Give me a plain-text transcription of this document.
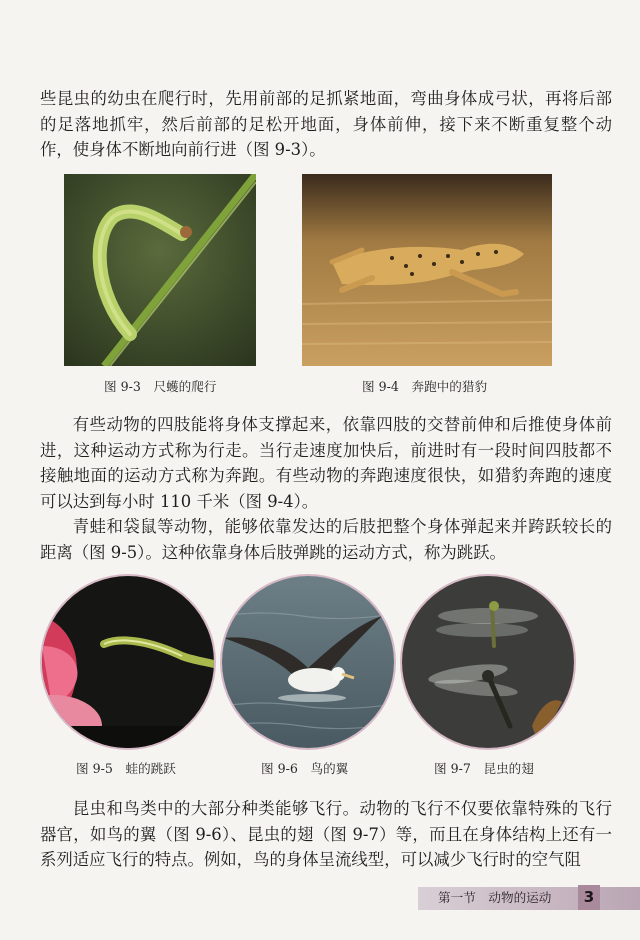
些昆虫的幼虫在爬行时，先用前部的足抓紧地面，弯曲身体成弓状，再将后部的足落地抓牢，然后前部的足松开地面，身体前伸，接下来不断重复整个动作，使身体不断地向前行进（图 9-3）。

图 9-3　尺蠖的爬行	图 9-4　奔跑中的猎豹

有些动物的四肢能将身体支撑起来，依靠四肢的交替前伸和后推使身体前进，这种运动方式称为行走。当行走速度加快后，前进时有一段时间四肢都不接触地面的运动方式称为奔跑。有些动物的奔跑速度很快，如猎豹奔跑的速度可以达到每小时 110 千米（图 9-4）。

青蛙和袋鼠等动物，能够依靠发达的后肢把整个身体弹起来并跨跃较长的距离（图 9-5）。这种依靠身体后肢弹跳的运动方式，称为跳跃。

图 9-5　蛙的跳跃	图 9-6　鸟的翼	图 9-7　昆虫的翅

昆虫和鸟类中的大部分种类能够飞行。动物的飞行不仅要依靠特殊的飞行器官，如鸟的翼（图 9-6）、昆虫的翅（图 9-7）等，而且在身体结构上还有一系列适应飞行的特点。例如，鸟的身体呈流线型，可以减少飞行时的空气阻

第一节　动物的运动	3
